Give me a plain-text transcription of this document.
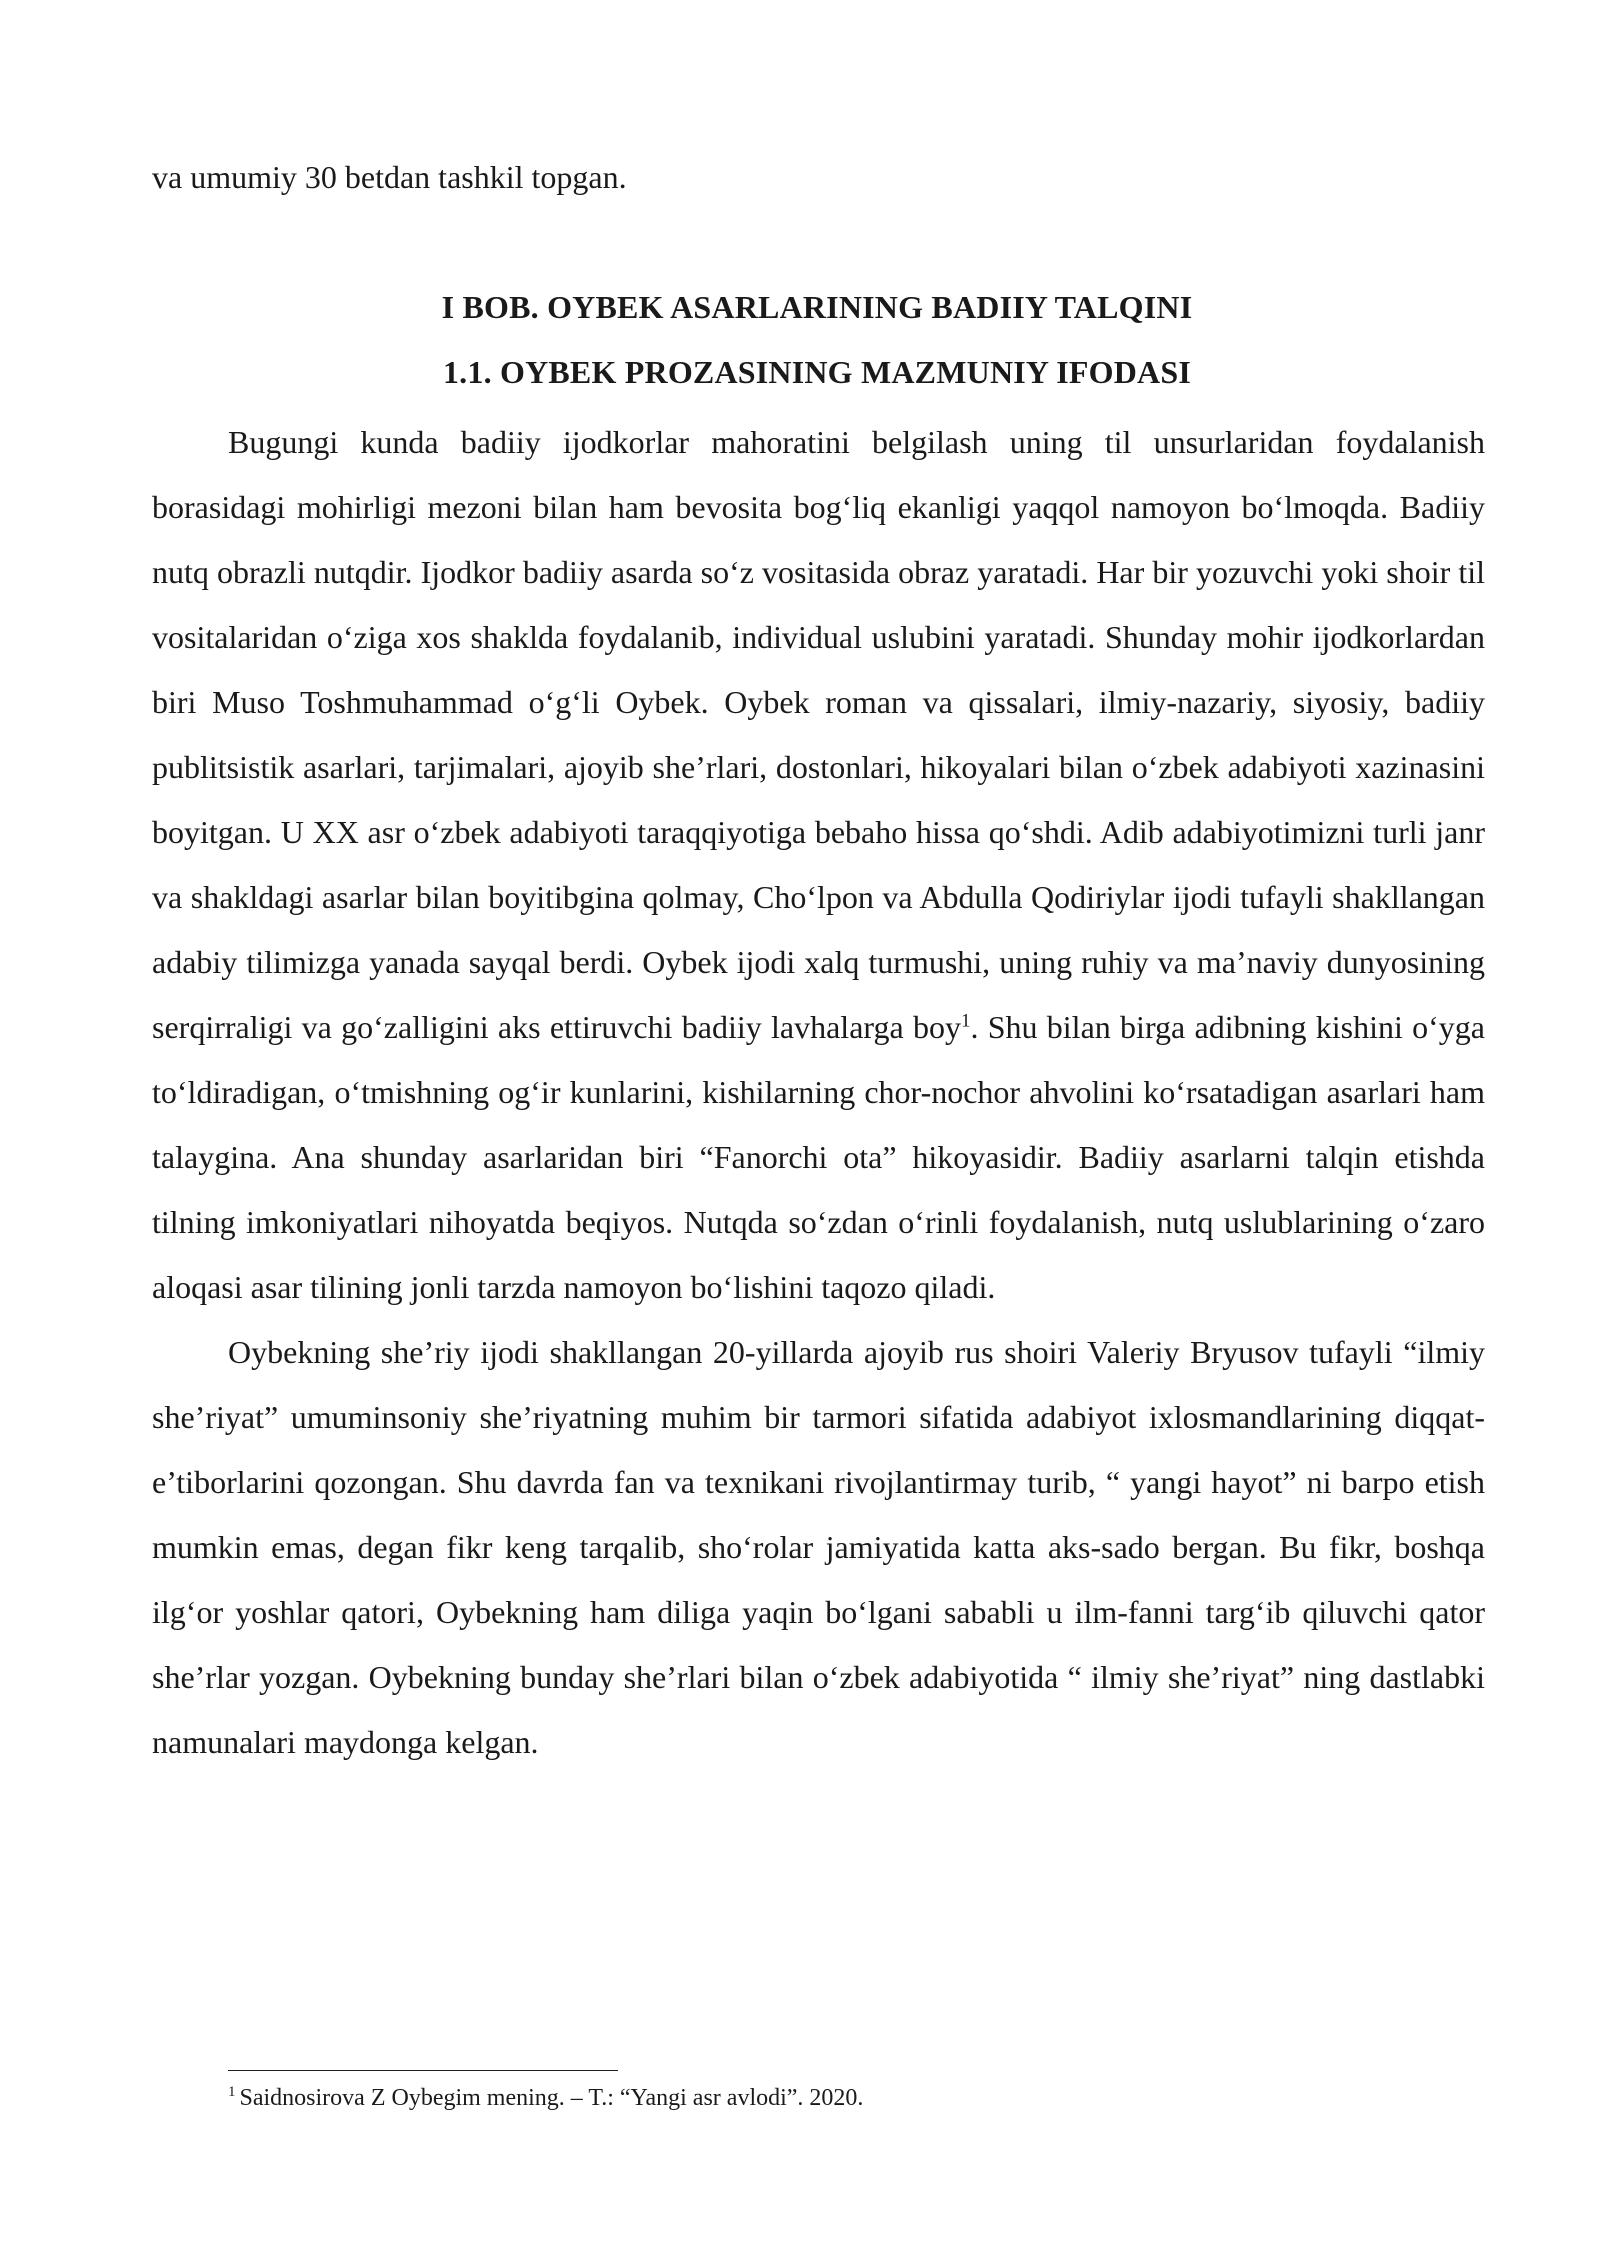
va umumiy 30 betdan tashkil topgan.

I BOB. OYBEK ASARLARINING BADIIY TALQINI
1.1. OYBEK PROZASINING MAZMUNIY IFODASI

Bugungi kunda badiiy ijodkorlar mahoratini belgilash uning til unsurlaridan foydalanish borasidagi mohirligi mezoni bilan ham bevosita bog‘liq ekanligi yaqqol namoyon bo‘lmoqda. Badiiy nutq obrazli nutqdir. Ijodkor badiiy asarda so‘z vositasida obraz yaratadi. Har bir yozuvchi yoki shoir til vositalaridan o‘ziga xos shaklda foydalanib, individual uslubini yaratadi. Shunday mohir ijodkorlardan biri Muso Toshmuhammad o‘g‘li Oybek. Oybek roman va qissalari, ilmiy-nazariy, siyosiy, badiiy publitsistik asarlari, tarjimalari, ajoyib she’rlari, dostonlari, hikoyalari bilan o‘zbek adabiyoti xazinasini boyitgan. U XX asr o‘zbek adabiyoti taraqqiyotiga bebaho hissa qo‘shdi. Adib adabiyotimizni turli janr va shakldagi asarlar bilan boyitibgina qolmay, Cho‘lpon va Abdulla Qodiriylar ijodi tufayli shakllangan adabiy tilimizga yanada sayqal berdi. Oybek ijodi xalq turmushi, uning ruhiy va ma’naviy dunyosining serqirraligi va go‘zalligini aks ettiruvchi badiiy lavhalarga boy$^1$. Shu bilan birga adibning kishini o‘yga to‘ldiradigan, o‘tmishning og‘ir kunlarini, kishilarning chor-nochor ahvolini ko‘rsatadigan asarlari ham talaygina. Ana shunday asarlaridan biri “Fanorchi ota” hikoyasidir. Badiiy asarlarni talqin etishda tilning imkoniyatlari nihoyatda beqiyos. Nutqda so‘zdan o‘rinli foydalanish, nutq uslublarining o‘zaro aloqasi asar tilining jonli tarzda namoyon bo‘lishini taqozo qiladi.

Oybekning she’riy ijodi shakllangan 20-yillarda ajoyib rus shoiri Valeriy Bryusov tufayli “ilmiy she’riyat” umuminsoniy she’riyatning muhim bir tarmori sifatida adabiyot ixlosmandlarining diqqat-e’tiborlarini qozongan. Shu davrda fan va texnikani rivojlantirmay turib, “ yangi hayot” ni barpo etish mumkin emas, degan fikr keng tarqalib, sho‘rolar jamiyatida katta aks-sado bergan. Bu fikr, boshqa ilg‘or yoshlar qatori, Oybekning ham diliga yaqin bo‘lgani sababli u ilm-fanni targ‘ib qiluvchi qator she’rlar yozgan. Oybekning bunday she’rlari bilan o‘zbek adabiyotida “ ilmiy she’riyat” ning dastlabki namunalari maydonga kelgan.

$^1$ Saidnosirova Z Oybegim mening. – T.: “Yangi asr avlodi”. 2020.
